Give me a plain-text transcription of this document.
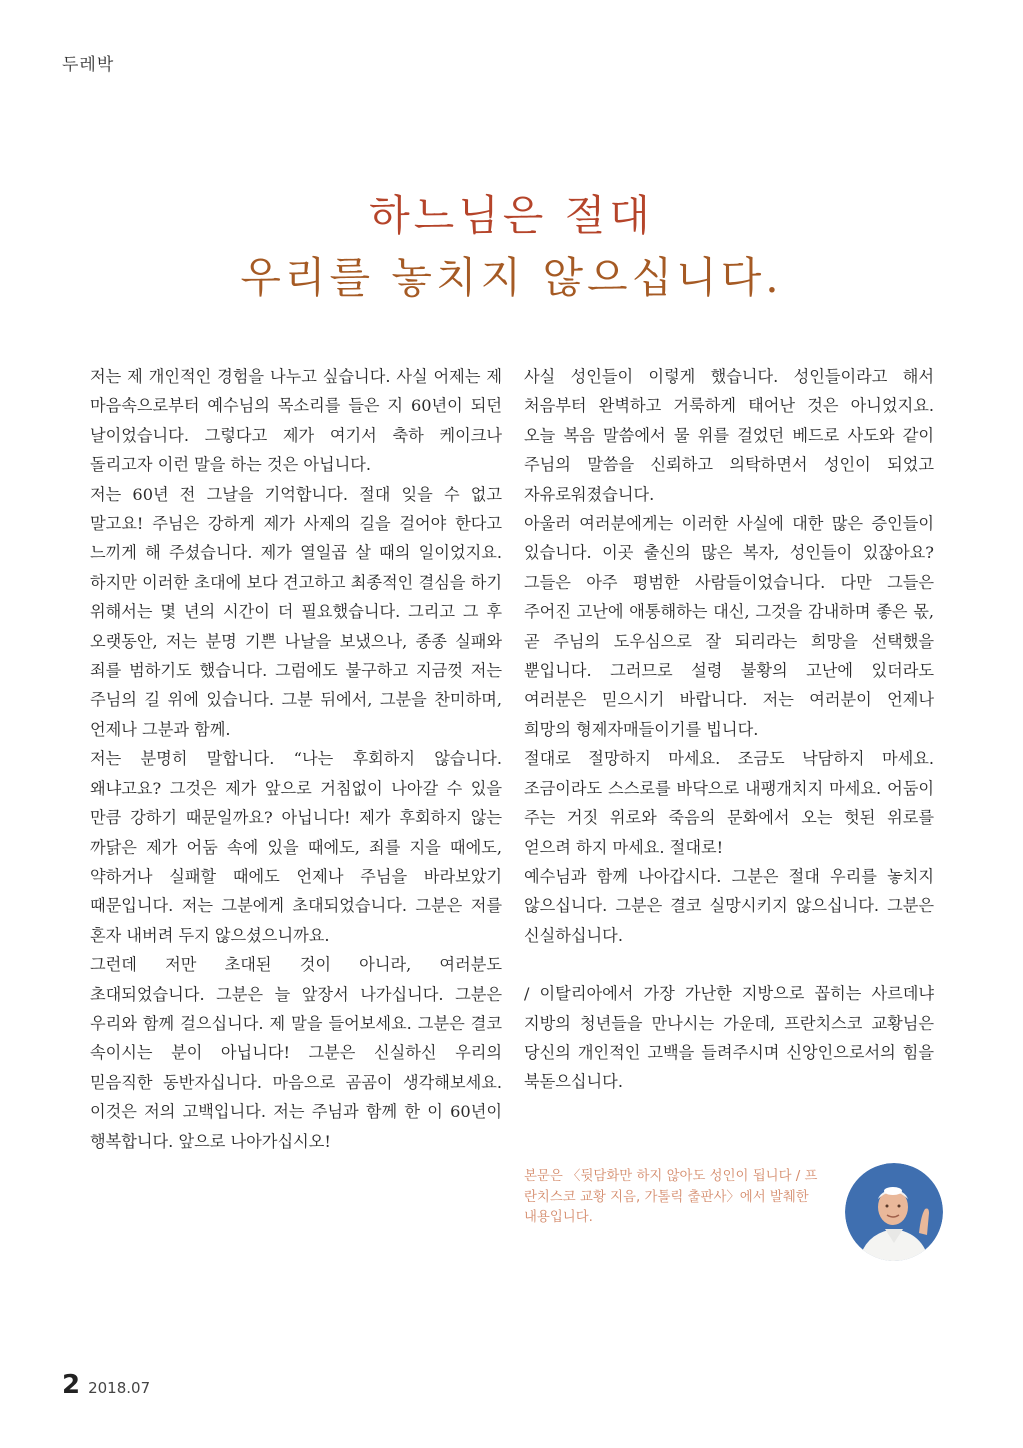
두레박
하느님은 절대
우리를 놓치지 않으십니다.

저는 제 개인적인 경험을 나누고 싶습니다. 사실 어제는 제 마음속으로부터 예수님의 목소리를 들은 지 60년이 되던 날이었습니다. 그렇다고 제가 여기서 축하 케이크나 돌리고자 이런 말을 하는 것은 아닙니다.

저는 60년 전 그날을 기억합니다. 절대 잊을 수 없고 말고요! 주님은 강하게 제가 사제의 길을 걸어야 한다고 느끼게 해 주셨습니다. 제가 열일곱 살 때의 일이었지요. 하지만 이러한 초대에 보다 견고하고 최종적인 결심을 하기 위해서는 몇 년의 시간이 더 필요했습니다. 그리고 그 후 오랫동안, 저는 분명 기쁜 나날을 보냈으나, 종종 실패와 죄를 범하기도 했습니다. 그럼에도 불구하고 지금껏 저는 주님의 길 위에 있습니다. 그분 뒤에서, 그분을 찬미하며, 언제나 그분과 함께.

저는 분명히 말합니다. “나는 후회하지 않습니다. 왜냐고요? 그것은 제가 앞으로 거침없이 나아갈 수 있을 만큼 강하기 때문일까요? 아닙니다! 제가 후회하지 않는 까닭은 제가 어둠 속에 있을 때에도, 죄를 지을 때에도, 약하거나 실패할 때에도 언제나 주님을 바라보았기 때문입니다. 저는 그분에게 초대되었습니다. 그분은 저를 혼자 내버려 두지 않으셨으니까요.

그런데 저만 초대된 것이 아니라, 여러분도 초대되었습니다. 그분은 늘 앞장서 나가십니다. 그분은 우리와 함께 걸으십니다. 제 말을 들어보세요. 그분은 결코 속이시는 분이 아닙니다! 그분은 신실하신 우리의 믿음직한 동반자십니다. 마음으로 곰곰이 생각해보세요. 이것은 저의 고백입니다. 저는 주님과 함께 한 이 60년이 행복합니다. 앞으로 나아가십시오!

사실 성인들이 이렇게 했습니다. 성인들이라고 해서 처음부터 완벽하고 거룩하게 태어난 것은 아니었지요. 오늘 복음 말씀에서 물 위를 걸었던 베드로 사도와 같이 주님의 말씀을 신뢰하고 의탁하면서 성인이 되었고 자유로워졌습니다.

아울러 여러분에게는 이러한 사실에 대한 많은 증인들이 있습니다. 이곳 출신의 많은 복자, 성인들이 있잖아요? 그들은 아주 평범한 사람들이었습니다. 다만 그들은 주어진 고난에 애통해하는 대신, 그것을 감내하며 좋은 몫, 곧 주님의 도우심으로 잘 되리라는 희망을 선택했을 뿐입니다. 그러므로 설령 불황의 고난에 있더라도 여러분은 믿으시기 바랍니다. 저는 여러분이 언제나 희망의 형제자매들이기를 빕니다.

절대로 절망하지 마세요. 조금도 낙담하지 마세요. 조금이라도 스스로를 바닥으로 내팽개치지 마세요. 어둠이 주는 거짓 위로와 죽음의 문화에서 오는 헛된 위로를 얻으려 하지 마세요. 절대로!

예수님과 함께 나아갑시다. 그분은 절대 우리를 놓치지 않으십니다. 그분은 결코 실망시키지 않으십니다. 그분은 신실하십니다.

/ 이탈리아에서 가장 가난한 지방으로 꼽히는 사르데냐 지방의 청년들을 만나시는 가운데, 프란치스코 교황님은 당신의 개인적인 고백을 들려주시며 신앙인으로서의 힘을 북돋으십니다.

본문은 〈뒷담화만 하지 않아도 성인이 됩니다 / 프란치스코 교황 지음, 가톨릭 출판사〉에서 발췌한 내용입니다.
2 2018.07
